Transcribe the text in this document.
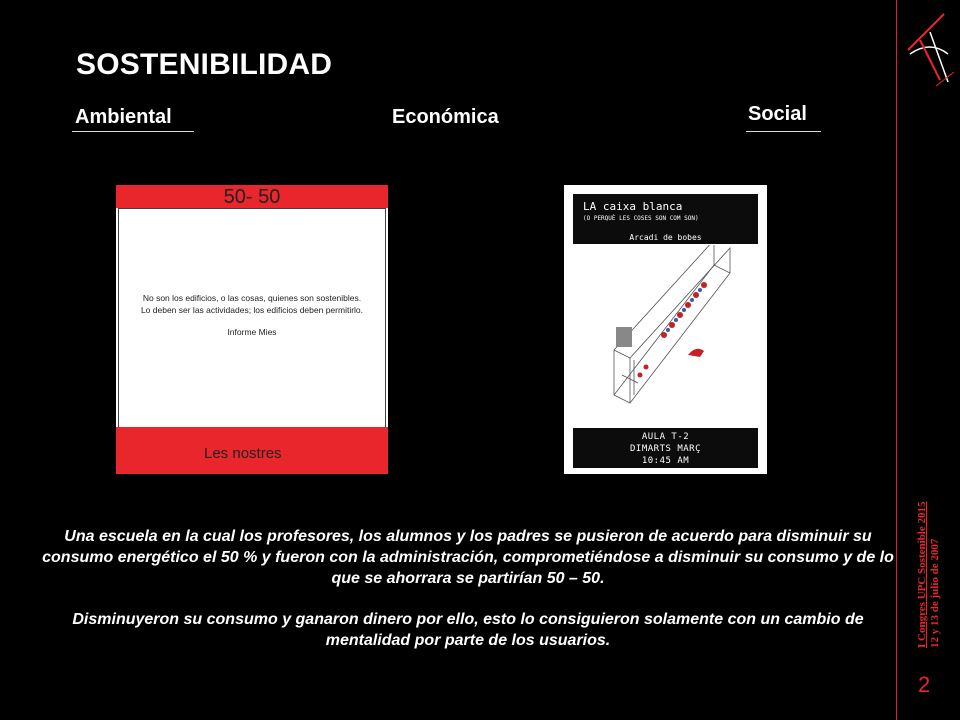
SOSTENIBILIDAD
Ambiental	Económica	Social
50- 50
No son los edificios, o las cosas, quienes son sostenibles.
Lo deben ser las actividades; los edificios deben permitirlo.
Informe Mies
Les nostres
LA caixa blanca
(O PERQUÈ LES COSES SON COM SON)
Arcadi de bobes
AULA T-2
DIMARTS MARÇ
10:45 AM
Una escuela en la cual los profesores, los alumnos y los padres se pusieron de acuerdo para disminuir su consumo energético el 50 % y fueron con la administración, comprometiéndose a disminuir su consumo y de lo que se ahorrara se partirían 50 – 50.
Disminuyeron su consumo y ganaron dinero por ello, esto lo consiguieron solamente con un cambio de mentalidad por parte de los usuarios.	I Congres UPC Sostenible 2015 12 y 13 de julio de 2007
2
